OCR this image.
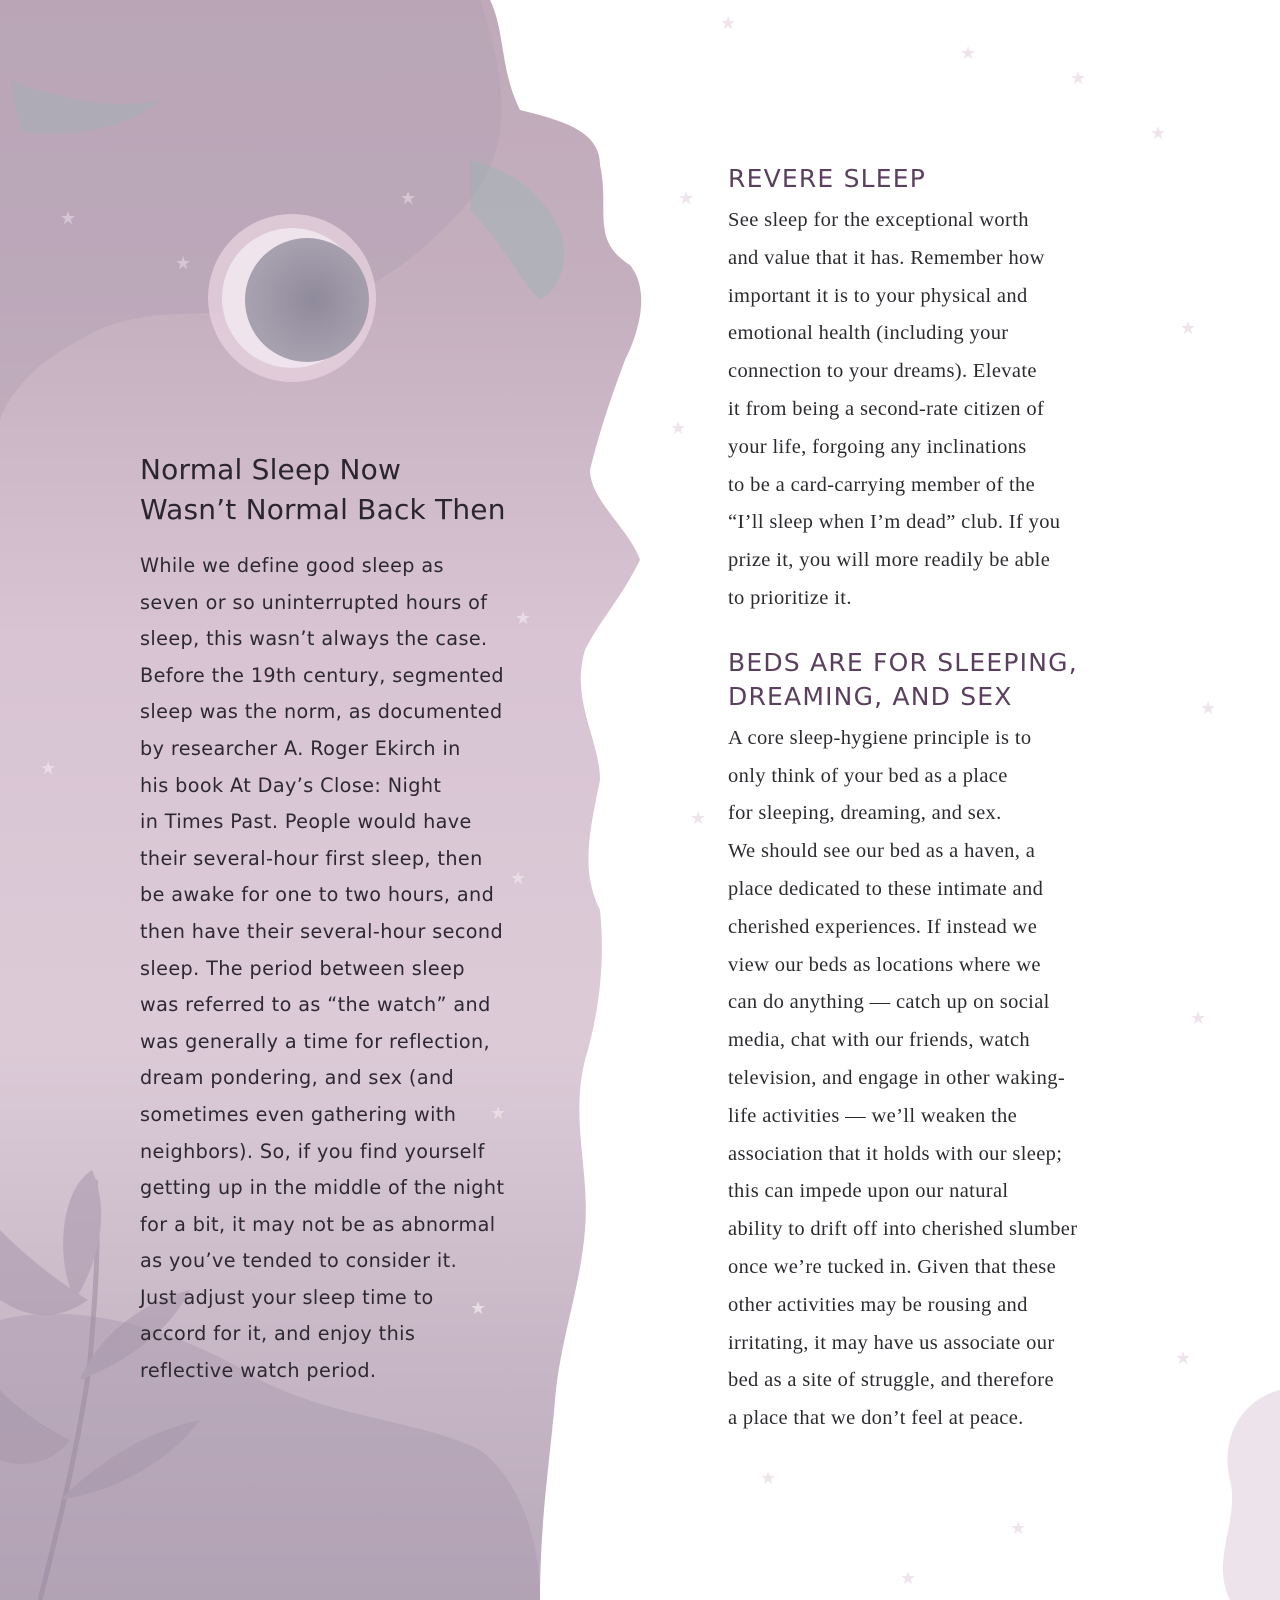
★
★
★
★
★
★
★
★
★
★
★
★
★
★
★
★
★
★
★
★
★
★
Normal Sleep Now
Wasn’t Normal Back Then

While we define good sleep as
seven or so uninterrupted hours of
sleep, this wasn’t always the case.
Before the 19th century, segmented
sleep was the norm, as documented
by researcher A. Roger Ekirch in
his book At Day’s Close: Night
in Times Past. People would have
their several-hour first sleep, then
be awake for one to two hours, and
then have their several-hour second
sleep. The period between sleep
was referred to as “the watch” and
was generally a time for reflection,
dream pondering, and sex (and
sometimes even gathering with
neighbors). So, if you find yourself
getting up in the middle of the night
for a bit, it may not be as abnormal
as you’ve tended to consider it.
Just adjust your sleep time to
accord for it, and enjoy this
reflective watch period.

REVERE SLEEP

See sleep for the exceptional worth
and value that it has. Remember how
important it is to your physical and
emotional health (including your
connection to your dreams). Elevate
it from being a second-rate citizen of
your life, forgoing any inclinations
to be a card-carrying member of the
“I’ll sleep when I’m dead” club. If you
prize it, you will more readily be able
to prioritize it.

BEDS ARE FOR SLEEPING,
DREAMING, AND SEX

A core sleep-hygiene principle is to
only think of your bed as a place
for sleeping, dreaming, and sex.
We should see our bed as a haven, a
place dedicated to these intimate and
cherished experiences. If instead we
view our beds as locations where we
can do anything — catch up on social
media, chat with our friends, watch
television, and engage in other waking-
life activities — we’ll weaken the
association that it holds with our sleep;
this can impede upon our natural
ability to drift off into cherished slumber
once we’re tucked in. Given that these
other activities may be rousing and
irritating, it may have us associate our
bed as a site of struggle, and therefore
a place that we don’t feel at peace.
